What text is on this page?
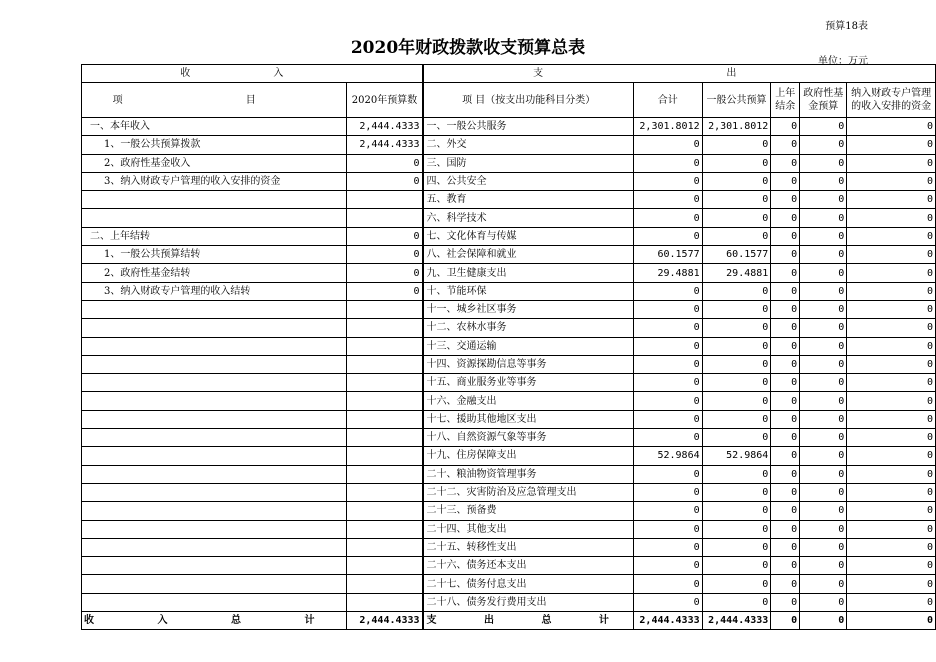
预算18表
2020年财政拨款收支预算总表
单位：万元
收 入		支 出					
项 目	2020年预算数		项 目（按支出功能科目分类）	合计	一般公共预算	上年结余	政府性基金预算	纳入财政专户管理的收入安排的资金
一、本年收入	2,444.4333		一、一般公共服务	2,301.8012	2,301.8012	0	0	0
1、一般公共预算拨款	2,444.4333		二、外交	0	0	0	0	0
2、政府性基金收入	0		三、国防	0	0	0	0	0
3、纳入财政专户管理的收入安排的资金	0		四、公共安全	0	0	0	0	0
			五、教育	0	0	0	0	0
			六、科学技术	0	0	0	0	0
二、上年结转	0		七、文化体育与传媒	0	0	0	0	0
1、一般公共预算结转	0		八、社会保障和就业	60.1577	60.1577	0	0	0
2、政府性基金结转	0		九、卫生健康支出	29.4881	29.4881	0	0	0
3、纳入财政专户管理的收入结转	0		十、节能环保	0	0	0	0	0
			十一、城乡社区事务	0	0	0	0	0
			十二、农林水事务	0	0	0	0	0
			十三、交通运输	0	0	0	0	0
			十四、资源探勘信息等事务	0	0	0	0	0
			十五、商业服务业等事务	0	0	0	0	0
			十六、金融支出	0	0	0	0	0
			十七、援助其他地区支出	0	0	0	0	0
			十八、自然资源气象等事务	0	0	0	0	0
			十九、住房保障支出	52.9864	52.9864	0	0	0
			二十、粮油物资管理事务	0	0	0	0	0
			二十二、灾害防治及应急管理支出	0	0	0	0	0
			二十三、预备费	0	0	0	0	0
			二十四、其他支出	0	0	0	0	0
			二十五、转移性支出	0	0	0	0	0
			二十六、债务还本支出	0	0	0	0	0
			二十七、债务付息支出	0	0	0	0	0
			二十八、债务发行费用支出	0	0	0	0	0
收 入 总 计	2,444.4333		支 出 总 计	2,444.4333	2,444.4333	0	0	0
